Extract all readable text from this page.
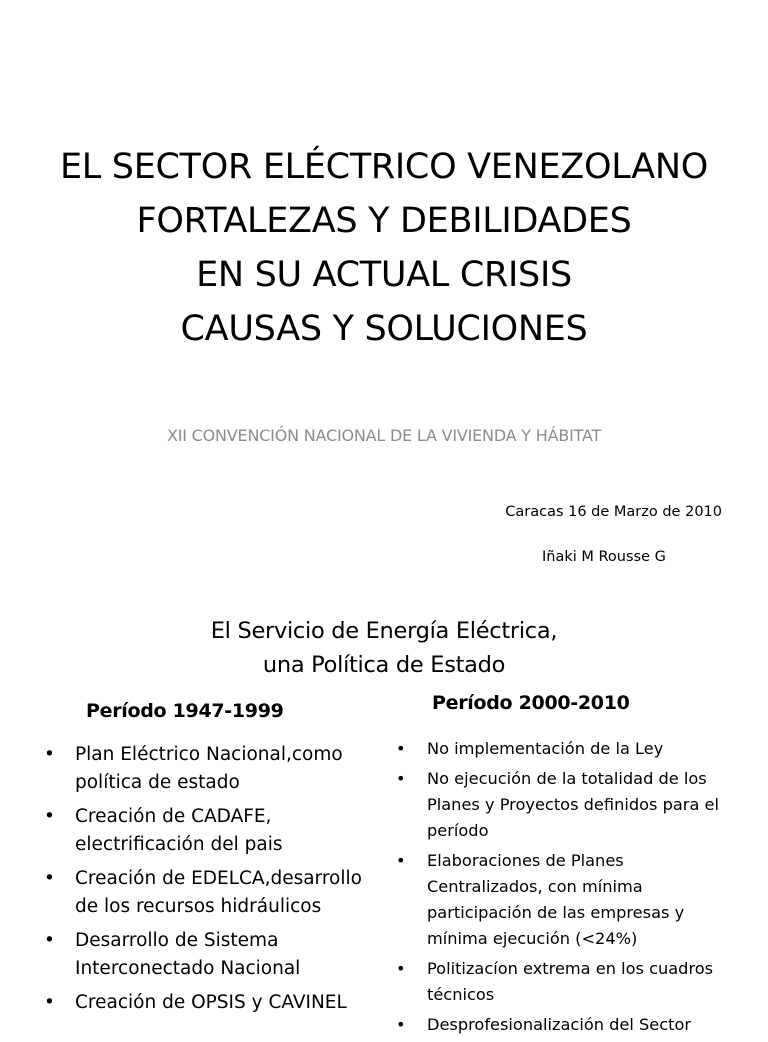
EL SECTOR ELÉCTRICO VENEZOLANO
FORTALEZAS Y DEBILIDADES
EN SU ACTUAL CRISIS
CAUSAS Y SOLUCIONES
XII CONVENCIÓN NACIONAL DE LA VIVIENDA Y HÁBITAT
Caracas 16 de Marzo de 2010
Iñaki M Rousse G
El Servicio de Energía Eléctrica,
una Política de Estado
Período 1947-1999	Período 2000-2010
• Plan Eléctrico Nacional,como política de estado
• Creación de CADAFE, electrificación del pais
• Creación de EDELCA,desarrollo de los recursos hidráulicos
• Desarrollo de Sistema Interconectado Nacional
• Creación de OPSIS y CAVINEL
• No implementación de la Ley
• No ejecución de la totalidad de los Planes y Proyectos definidos para el período
• Elaboraciones de Planes Centralizados, con mínima participación de las empresas y mínima ejecución (<24%)
• Politizacíon extrema en los cuadros técnicos
• Desprofesionalización del Sector
